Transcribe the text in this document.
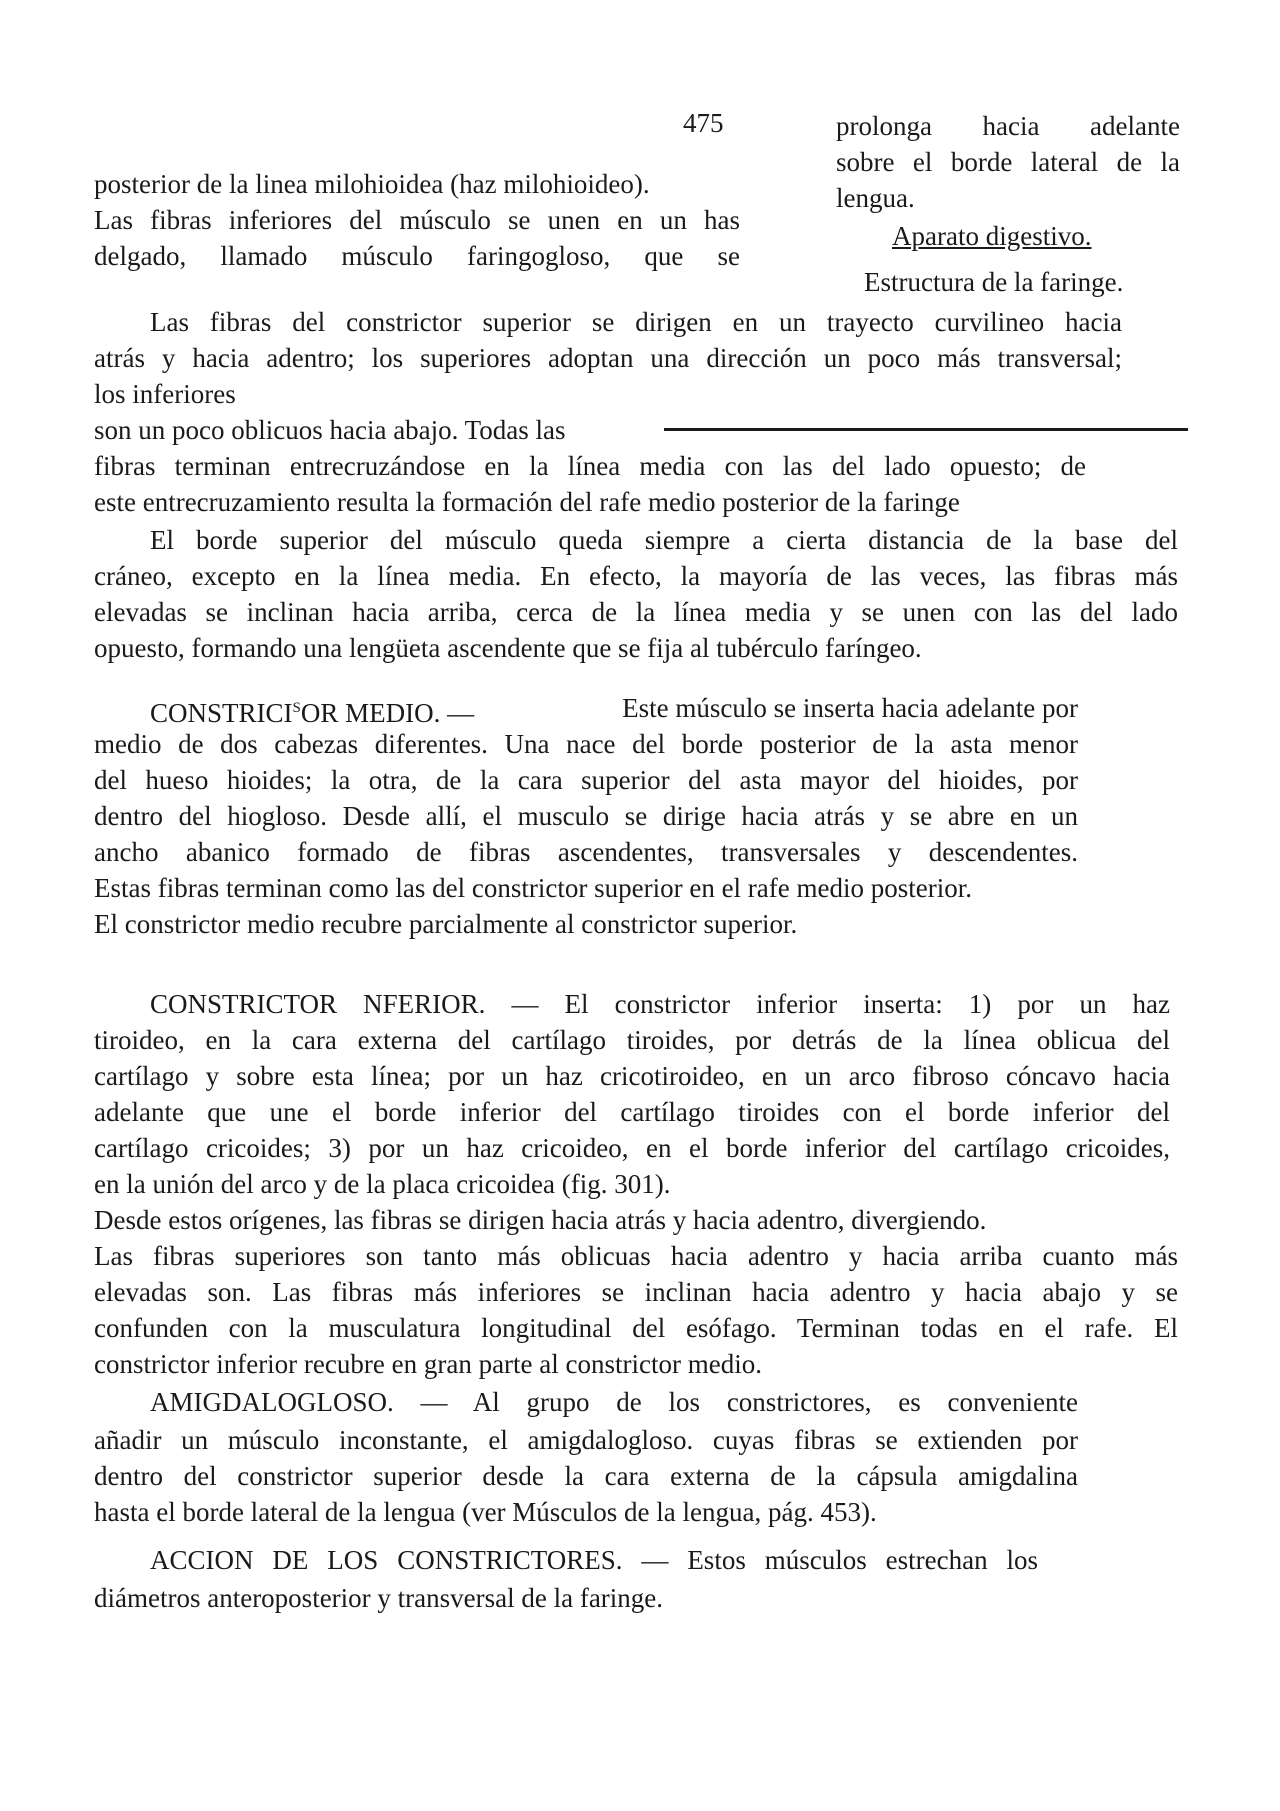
475	prolonga hacia adelante
sobre el borde lateral de la
lengua.
Aparato digestivo.
Estructura de la faringe.
posterior de la linea milohioidea (haz milohioideo).
Las fibras inferiores del músculo se unen en un has
delgado, llamado músculo faringogloso, que se
Las fibras del constrictor superior se dirigen en un trayecto curvilineo hacia
atrás y hacia adentro; los superiores adoptan una dirección un poco más transversal;
los inferiores
son un poco oblicuos hacia abajo. Todas las
fibras terminan entrecruzándose en la línea media con las del lado opuesto; de
este entrecruzamiento resulta la formación del rafe medio posterior de la faringe
El borde superior del músculo queda siempre a cierta distancia de la base del
cráneo, excepto en la línea media. En efecto, la mayoría de las veces, las fibras más
elevadas se inclinan hacia arriba, cerca de la línea media y se unen con las del lado
opuesto, formando una lengüeta ascendente que se fija al tubérculo faríngeo.
$CONSTRICI^SOR$ MEDIO. —	Este músculo se inserta hacia adelante por
medio de dos cabezas diferentes. Una nace del borde posterior de la asta menor
del hueso hioides; la otra, de la cara superior del asta mayor del hioides, por
dentro del hiogloso. Desde allí, el musculo se dirige hacia atrás y se abre en un
ancho abanico formado de fibras ascendentes, transversales y descendentes.
Estas fibras terminan como las del constrictor superior en el rafe medio posterior.
El constrictor medio recubre parcialmente al constrictor superior.
CONSTRICTOR NFERIOR. — El constrictor inferior inserta: 1) por un haz
tiroideo, en la cara externa del cartílago tiroides, por detrás de la línea oblicua del
cartílago y sobre esta línea; por un haz cricotiroideo, en un arco fibroso cóncavo hacia
adelante que une el borde inferior del cartílago tiroides con el borde inferior del
cartílago cricoides; 3) por un haz cricoideo, en el borde inferior del cartílago cricoides,
en la unión del arco y de la placa cricoidea (fig. 301).
Desde estos orígenes, las fibras se dirigen hacia atrás y hacia adentro, divergiendo.
Las fibras superiores son tanto más oblicuas hacia adentro y hacia arriba cuanto más
elevadas son. Las fibras más inferiores se inclinan hacia adentro y hacia abajo y se
confunden con la musculatura longitudinal del esófago. Terminan todas en el rafe. El
constrictor inferior recubre en gran parte al constrictor medio.
AMIGDALOGLOSO. — Al grupo de los constrictores, es conveniente
añadir un músculo inconstante, el amigdalogloso. cuyas fibras se extienden por
dentro del constrictor superior desde la cara externa de la cápsula amigdalina
hasta el borde lateral de la lengua (ver Músculos de la lengua, pág. 453).
ACCION DE LOS CONSTRICTORES. — Estos músculos estrechan los
diámetros anteroposterior y transversal de la faringe.
